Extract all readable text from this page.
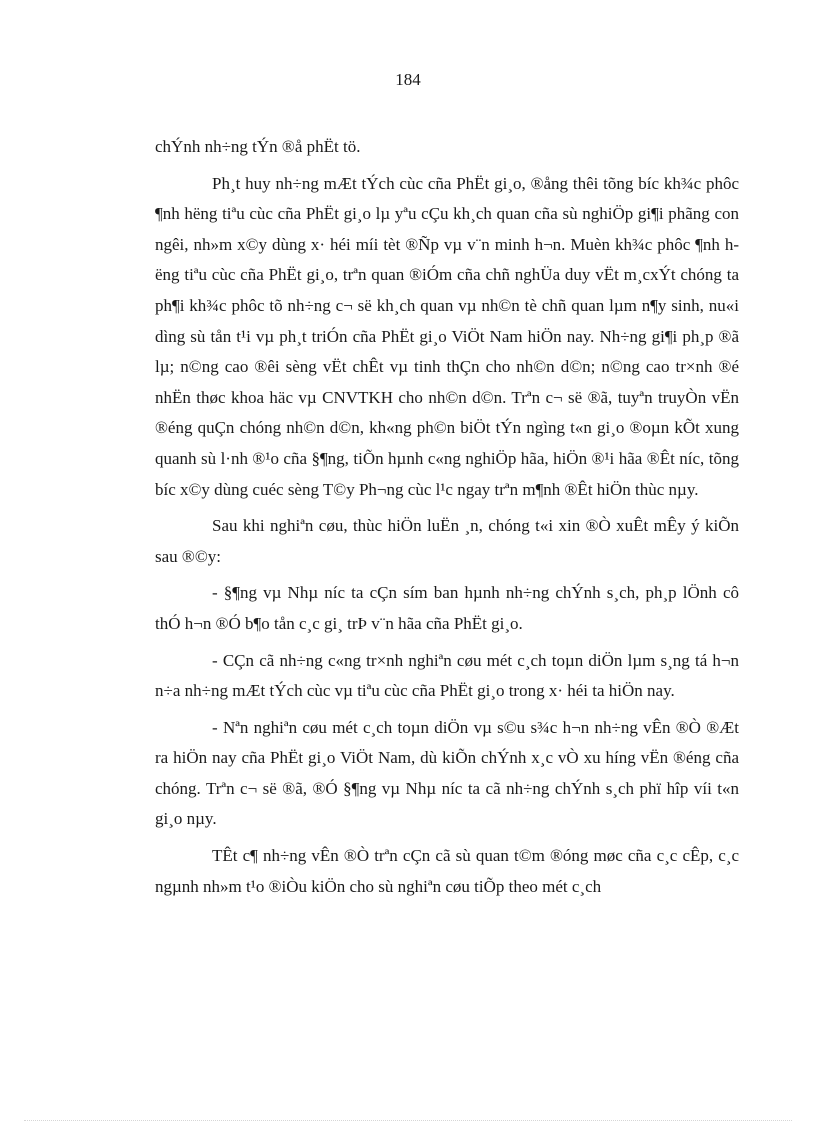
184

chÝnh nh÷ng tÝn ®å phËt tö.

Ph¸t huy nh÷ng mÆt tÝch cùc cña PhËt gi¸o, ®ång thêi tõng bíc kh¾c phôc ¶nh hëng tiªu cùc cña PhËt gi¸o lµ yªu cÇu kh¸ch quan cña sù nghiÖp gi¶i phãng con ngêi, nh»m x©y dùng x· héi míi tèt ®Ñp vµ v¨n minh h¬n. Muèn kh¾c phôc ¶nh hëng tiªu cùc cña PhËt gi¸o, trªn quan ®iÓm cña chñ nghÜa duy vËt m¸cxÝt chóng ta ph¶i kh¾c phôc tõ nh÷ng c¬ së kh¸ch quan vµ nh©n tè chñ quan lµm n¶y sinh, nu«i dìng sù tån t¹i vµ ph¸t triÓn cña PhËt gi¸o ViÖt Nam hiÖn nay. Nh÷ng gi¶i ph¸p ®ã lµ; n©ng cao ®êi sèng vËt chÊt vµ tinh thÇn cho nh©n d©n; n©ng cao tr×nh ®é nhËn thøc khoa häc vµ CNVTKH cho nh©n d©n. Trªn c¬ së ®ã, tuyªn truyÒn vËn ®éng quÇn chóng nh©n d©n, kh«ng ph©n biÖt tÝn ngìng t«n gi¸o ®oµn kÕt xung quanh sù l·nh ®¹o cña §¶ng, tiÕn hµnh c«ng nghiÖp hãa, hiÖn ®¹i hãa ®Êt níc, tõng bíc x©y dùng cuéc sèng T©y Ph¬ng cùc l¹c ngay trªn m¶nh ®Êt hiÖn thùc nµy.

Sau khi nghiªn cøu, thùc hiÖn luËn ¸n, chóng t«i xin ®Ò xuÊt mÊy ý kiÕn sau ®©y:

- §¶ng vµ Nhµ níc ta cÇn sím ban hµnh nh÷ng chÝnh s¸ch, ph¸p lÖnh cô thÓ h¬n ®Ó b¶o tån c¸c gi¸ trÞ v¨n hãa cña PhËt gi¸o.

- CÇn cã nh÷ng c«ng tr×nh nghiªn cøu mét c¸ch toµn diÖn lµm s¸ng tá h¬n n÷a nh÷ng mÆt tÝch cùc vµ tiªu cùc cña PhËt gi¸o trong x· héi ta hiÖn nay.

- Nªn nghiªn cøu mét c¸ch toµn diÖn vµ s©u s¾c h¬n nh÷ng vÊn ®Ò ®Æt ra hiÖn nay cña PhËt gi¸o ViÖt Nam, dù kiÕn chÝnh x¸c vÒ xu híng vËn ®éng cña chóng. Trªn c¬ së ®ã, ®Ó §¶ng vµ Nhµ níc ta cã nh÷ng chÝnh s¸ch phï hîp víi t«n gi¸o nµy.

TÊt c¶ nh÷ng vÊn ®Ò trªn cÇn cã sù quan t©m ®óng møc cña c¸c cÊp, c¸c ngµnh nh»m t¹o ®iÒu kiÖn cho sù nghiªn cøu tiÕp theo mét c¸ch
